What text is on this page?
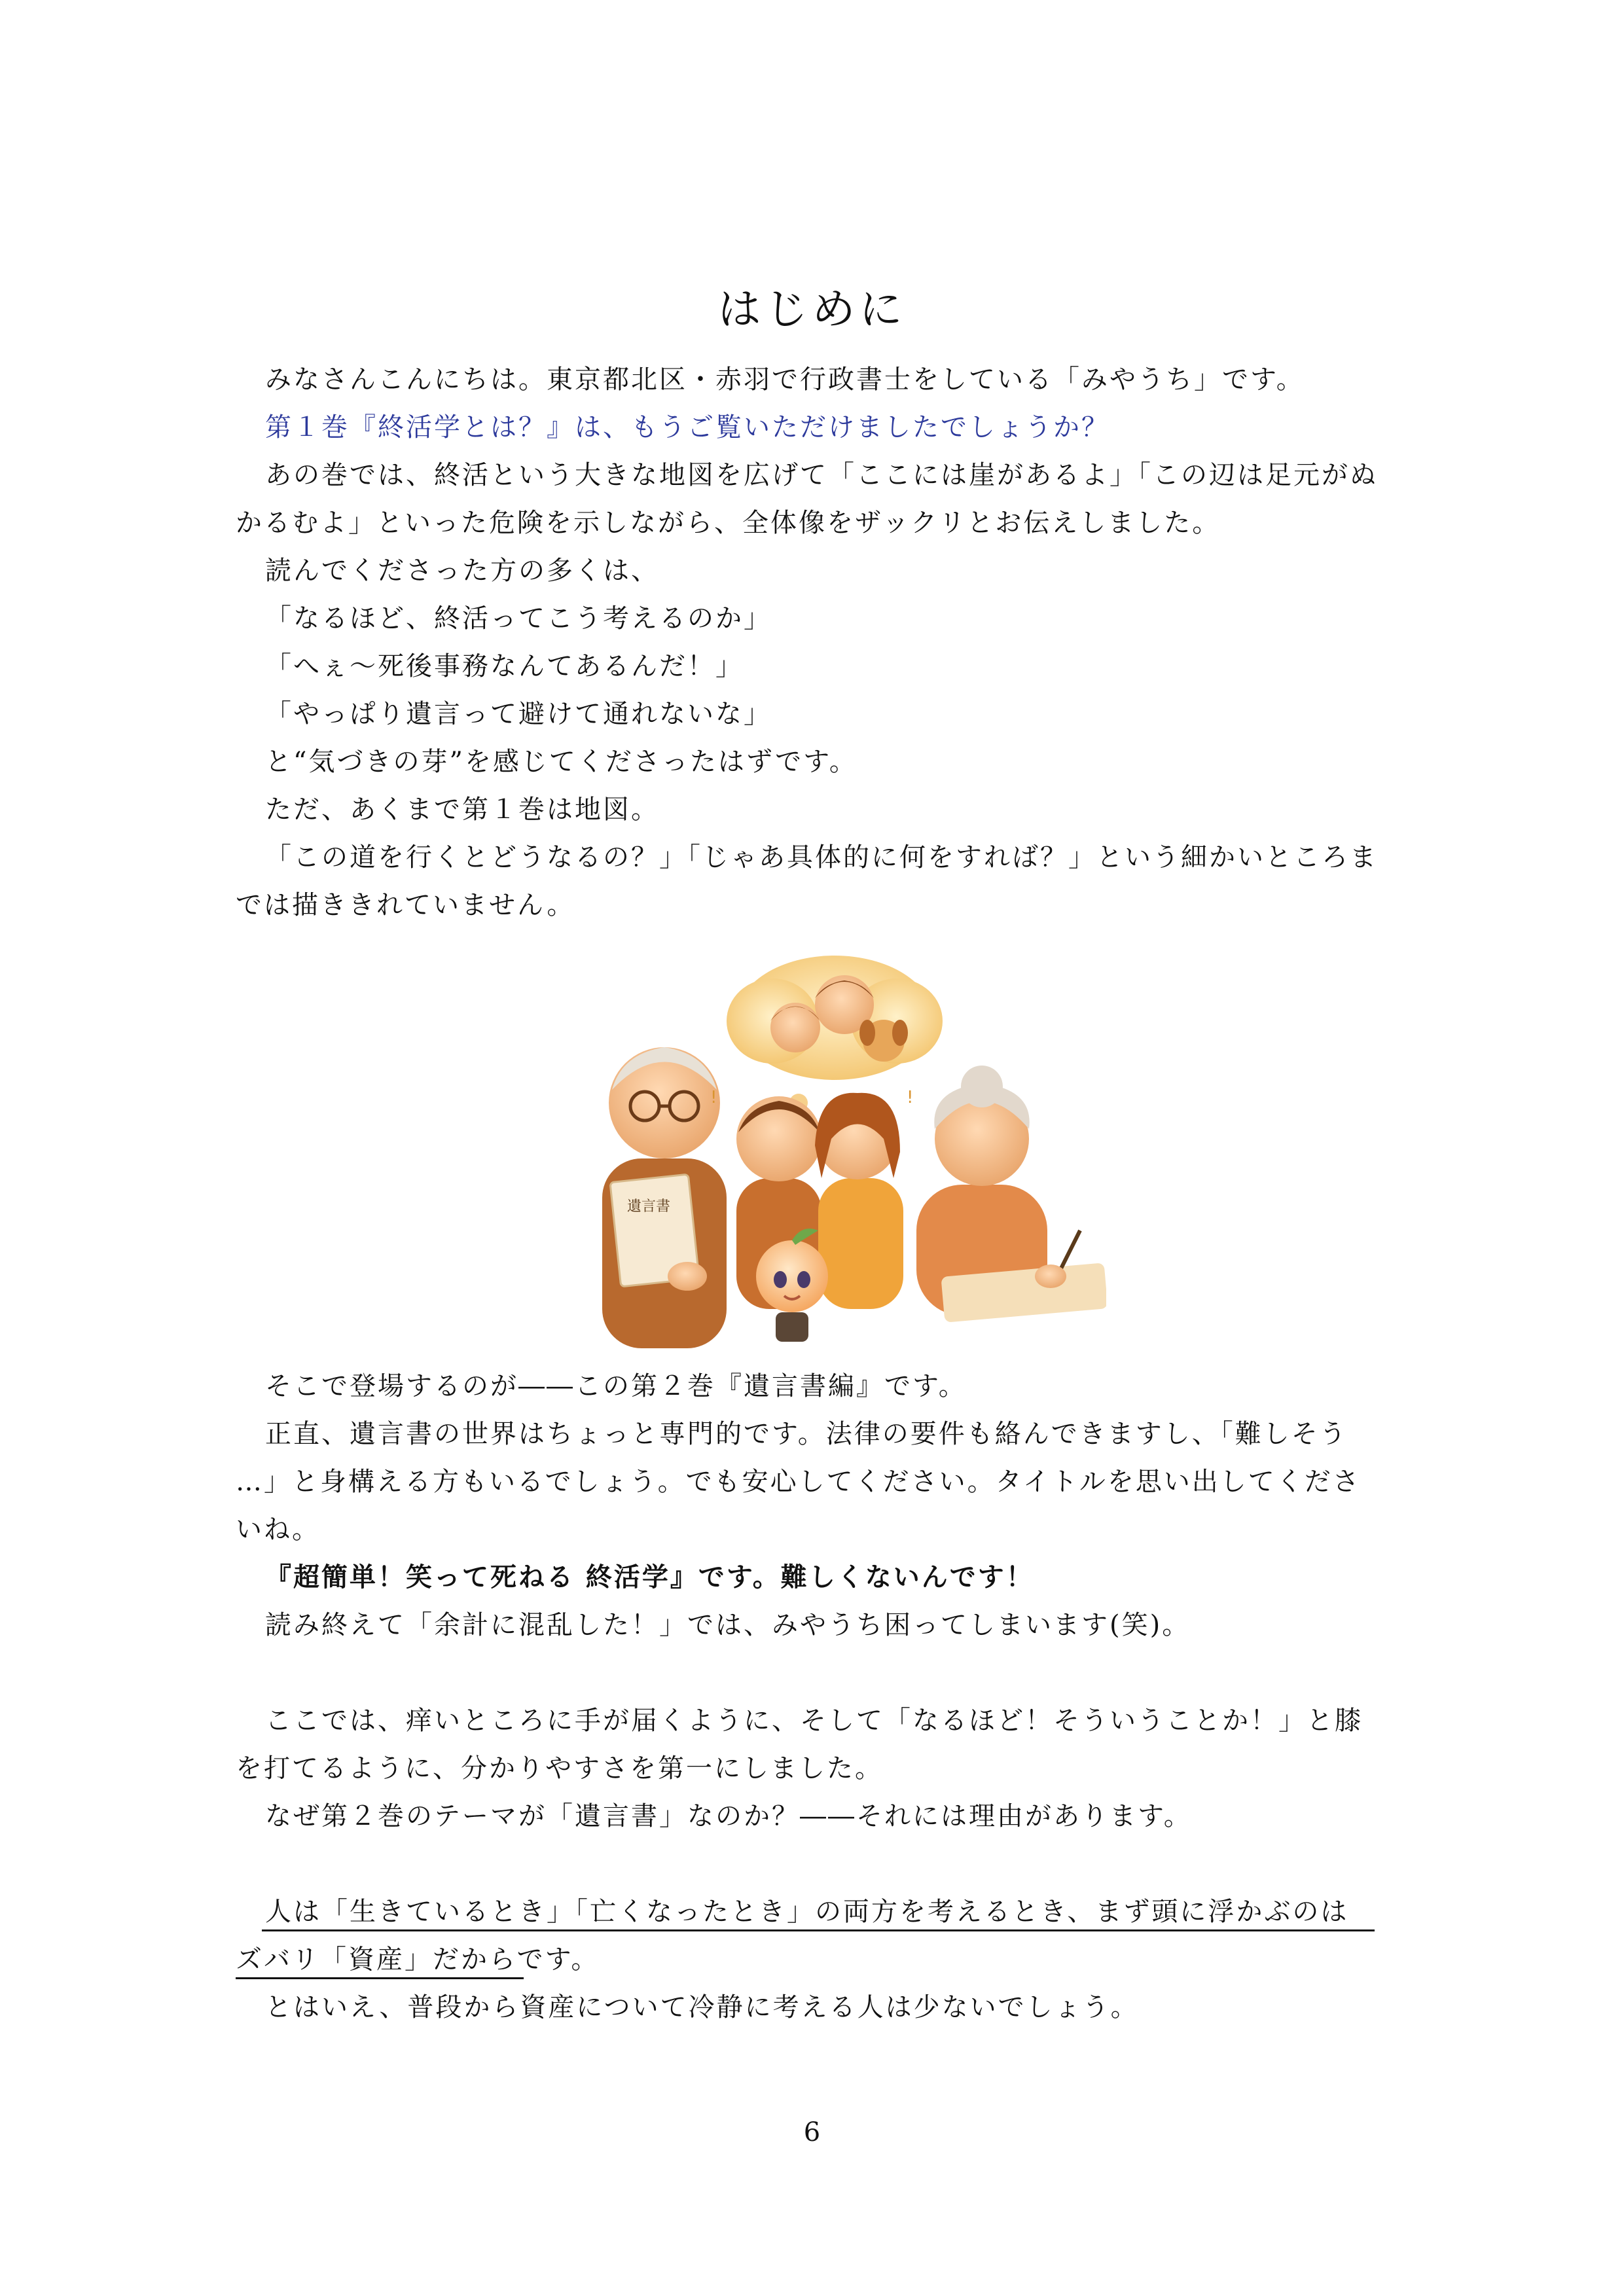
はじめに
みなさんこんにちは。東京都北区・赤羽で行政書士をしている「みやうち」です。
第１巻『終活学とは？』は、もうご覧いただけましたでしょうか？
あの巻では、終活という大きな地図を広げて「ここには崖があるよ」「この辺は足元がぬ
かるむよ」といった危険を示しながら、全体像をザックリとお伝えしました。
読んでくださった方の多くは、
「なるほど、終活ってこう考えるのか」
「へぇ～死後事務なんてあるんだ！」
「やっぱり遺言って避けて通れないな」
と“気づきの芽”を感じてくださったはずです。
ただ、あくまで第１巻は地図。
「この道を行くとどうなるの？」「じゃあ具体的に何をすれば？」という細かいところま
では描ききれていません。
遺言書
!	!
そこで登場するのが――この第２巻『遺言書編』です。
正直、遺言書の世界はちょっと専門的です。法律の要件も絡んできますし、「難しそう
…」と身構える方もいるでしょう。でも安心してください。タイトルを思い出してくださ
いね。
『超簡単！笑って死ねる 終活学』です。難しくないんです！
読み終えて「余計に混乱した！」では、みやうち困ってしまいます(笑)。
ここでは、痒いところに手が届くように、そして「なるほど！そういうことか！」と膝
を打てるように、分かりやすさを第一にしました。
なぜ第２巻のテーマが「遺言書」なのか？――それには理由があります。
人は「生きているとき」「亡くなったとき」の両方を考えるとき、まず頭に浮かぶのは
ズバリ「資産」だからです。
とはいえ、普段から資産について冷静に考える人は少ないでしょう。
6
